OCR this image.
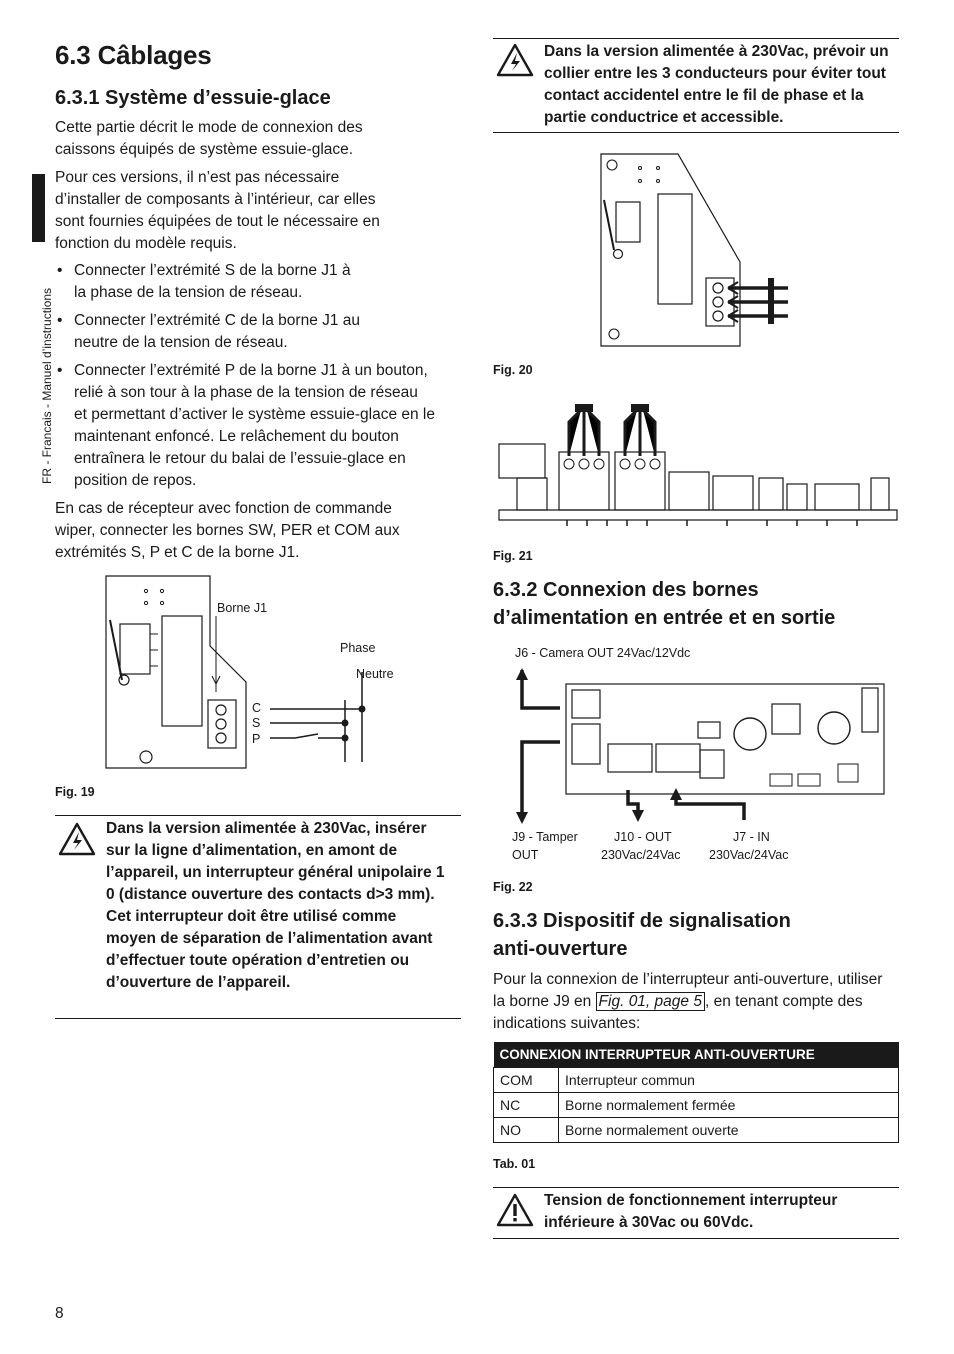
FR - Francais - Manuel d’instructions
6.3 Câblages
6.3.1 Système d’essuie-glace
Cette partie décrit le mode de connexion des caissons équipés de système essuie-glace.
Pour ces versions, il n’est pas nécessaire d’installer de composants à l’intérieur, car elles sont fournies équipées de tout le nécessaire en fonction du modèle requis.
• Connecter l’extrémité S de la borne J1 à la phase de la tension de réseau.
• Connecter l’extrémité C de la borne J1 au neutre de la tension de réseau.
• Connecter l’extrémité P de la borne J1 à un bouton, relié à son tour à la phase de la tension de réseau et permettant d’activer le système essuie-glace en le maintenant enfoncé. Le relâchement du bouton entraînera le retour du balai de l’essuie-glace en position de repos.
En cas de récepteur avec fonction de commande wiper, connecter les bornes SW, PER et COM aux extrémités S, P et C de la borne J1.
Borne J1
Phase
Neutre
C
S
P
Fig. 19
Dans la version alimentée à 230Vac, insérer sur la ligne d’alimentation, en amont de l’appareil, un interrupteur général unipolaire 1 0 (distance ouverture des contacts d>3 mm). Cet interrupteur doit être utilisé comme moyen de séparation de l’alimentation avant d’effectuer toute opération d’entretien ou d’ouverture de l’appareil.
Dans la version alimentée à 230Vac, prévoir un collier entre les 3 conducteurs pour éviter tout contact accidentel entre le fil de phase et la partie conductrice et accessible.
Fig. 20
Fig. 21
6.3.2 Connexion des bornes
d’alimentation en entrée et en sortie
J6 - Camera OUT 24Vac/12Vdc
J9 - Tamper
OUT
J10 - OUT
230Vac/24Vac
J7 - IN
230Vac/24Vac
Fig. 22
6.3.3 Dispositif de signalisation
anti-ouverture
Pour la connexion de l’interrupteur anti-ouverture, utiliser la borne J9 en Fig. 01, page 5 , en tenant compte des indications suivantes:
CONNEXION INTERRUPTEUR ANTI-OUVERTURE	
COM	Interrupteur commun
NC	Borne normalement fermée
NO	Borne normalement ouverte
Tab. 01
Tension de fonctionnement interrupteur inférieure à 30Vac ou 60Vdc.
8
